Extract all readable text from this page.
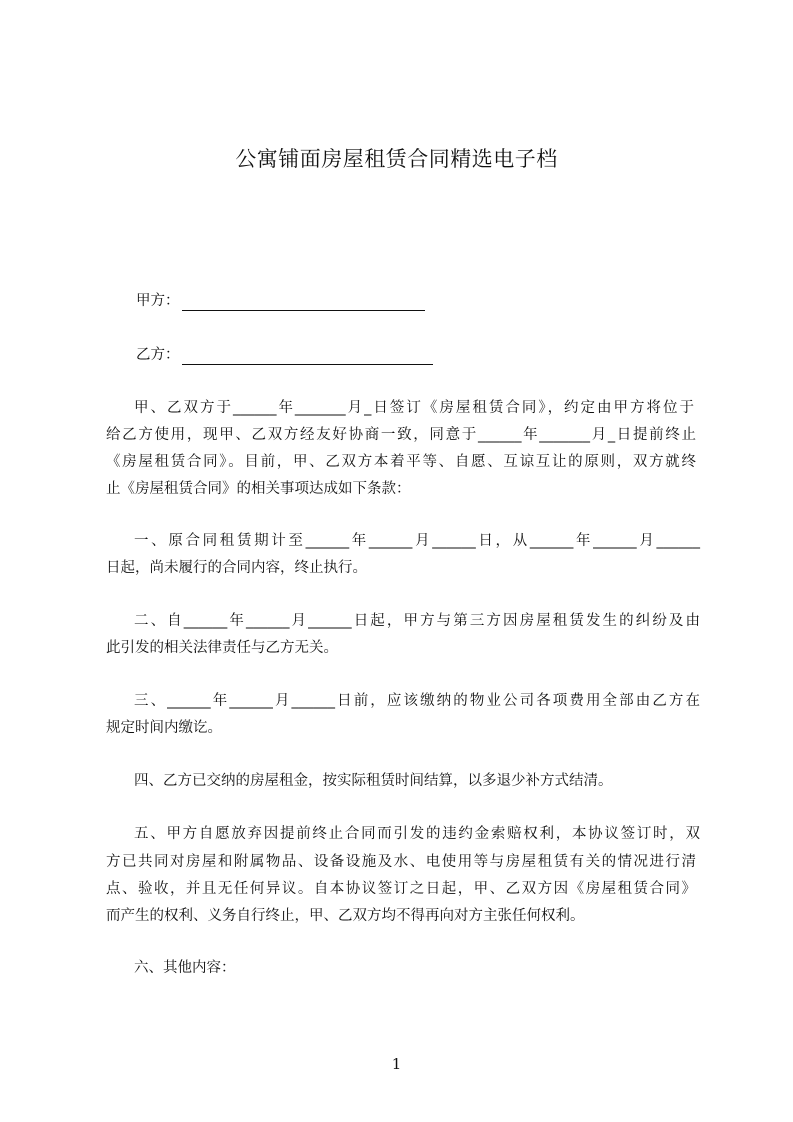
公寓铺面房屋租赁合同精选电子档
甲方：
乙方：
甲、乙双方于______年_______月_日签订《房屋租赁合同》，约定由甲方将位于
给乙方使用，现甲、乙双方经友好协商一致，同意于______年_______月_日提前终止
《房屋租赁合同》。目前，甲、乙双方本着平等、自愿、互谅互让的原则，双方就终
止《房屋租赁合同》的相关事项达成如下条款：
一、原合同租赁期计至______年______月______日，从______年______月______
日起，尚未履行的合同内容，终止执行。
二、自______年______月______日起，甲方与第三方因房屋租赁发生的纠纷及由
此引发的相关法律责任与乙方无关。
三、______年______月______日前，应该缴纳的物业公司各项费用全部由乙方在
规定时间内缴讫。
四、乙方已交纳的房屋租金，按实际租赁时间结算，以多退少补方式结清。
五、甲方自愿放弃因提前终止合同而引发的违约金索赔权利，本协议签订时，双
方已共同对房屋和附属物品、设备设施及水、电使用等与房屋租赁有关的情况进行清
点、验收，并且无任何异议。自本协议签订之日起，甲、乙双方因《房屋租赁合同》
而产生的权利、义务自行终止，甲、乙双方均不得再向对方主张任何权利。
六、其他内容：
1
